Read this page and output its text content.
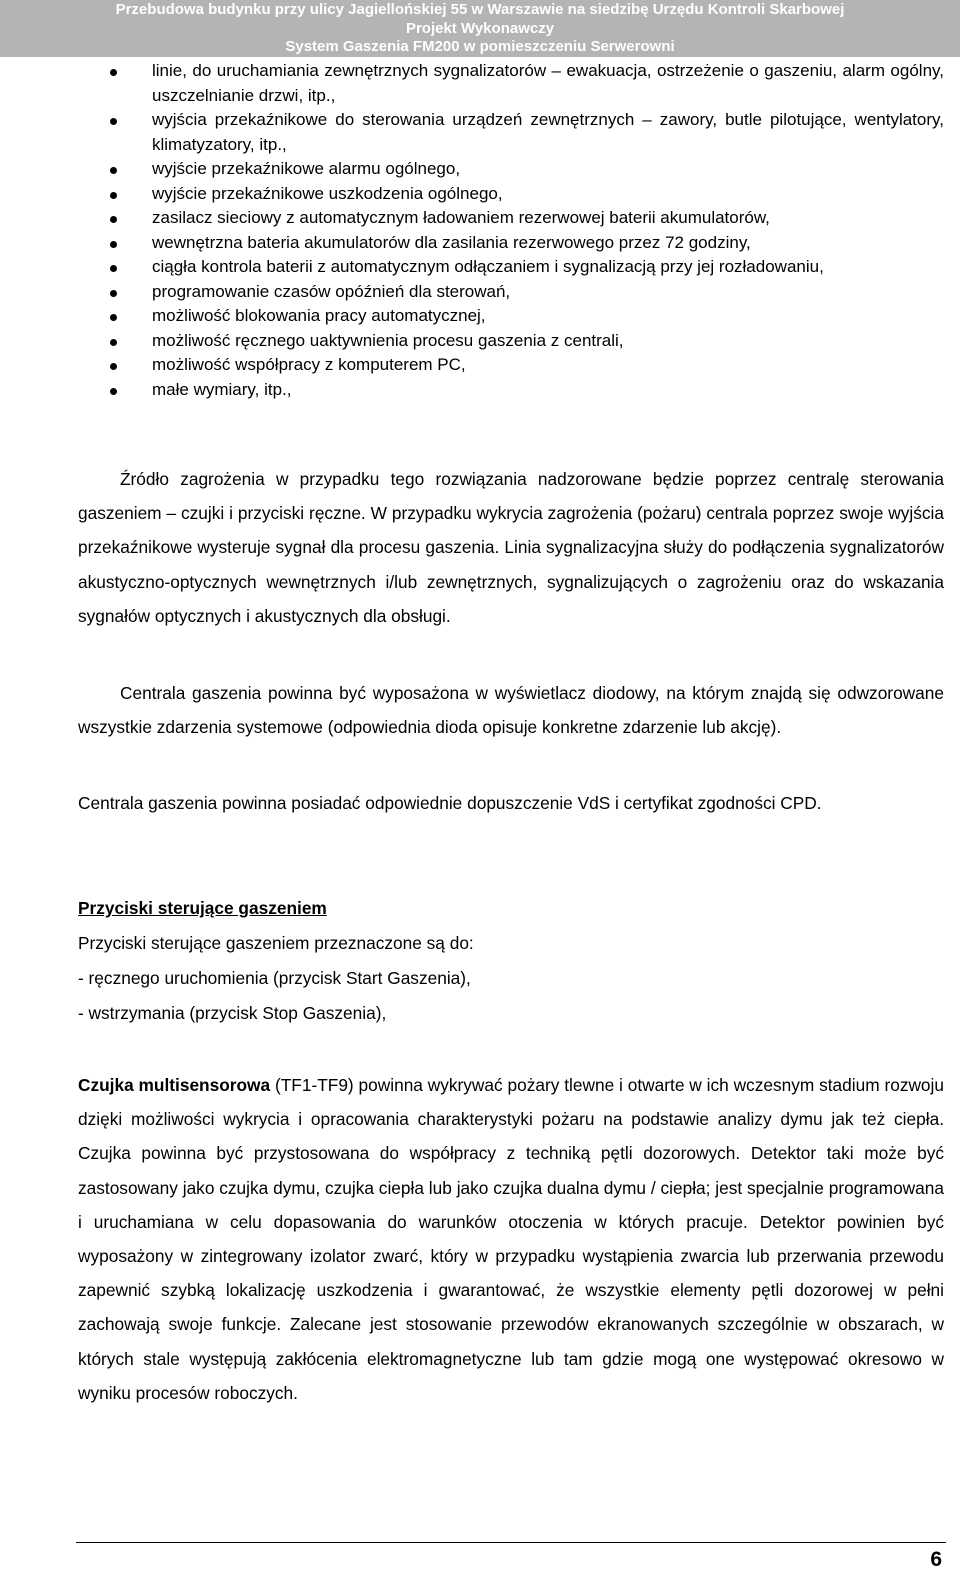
Przebudowa budynku przy ulicy Jagiellońskiej 55 w Warszawie na siedzibę Urzędu Kontroli Skarbowej
Projekt Wykonawczy
System Gaszenia FM200 w pomieszczeniu Serwerowni
linie, do uruchamiania zewnętrznych sygnalizatorów – ewakuacja, ostrzeżenie o gaszeniu, alarm ogólny, uszczelnianie drzwi, itp.,
wyjścia przekaźnikowe do sterowania urządzeń zewnętrznych – zawory, butle pilotujące, wentylatory, klimatyzatory, itp.,
wyjście przekaźnikowe alarmu ogólnego,
wyjście przekaźnikowe uszkodzenia ogólnego,
zasilacz sieciowy z automatycznym ładowaniem rezerwowej baterii akumulatorów,
wewnętrzna bateria akumulatorów dla zasilania rezerwowego przez 72 godziny,
ciągła kontrola baterii z automatycznym odłączaniem i sygnalizacją przy jej rozładowaniu,
programowanie czasów opóźnień dla sterowań,
możliwość blokowania pracy automatycznej,
możliwość ręcznego uaktywnienia procesu gaszenia z centrali,
możliwość współpracy z komputerem PC,
małe wymiary, itp.,

Źródło zagrożenia w przypadku tego rozwiązania nadzorowane będzie poprzez centralę sterowania gaszeniem – czujki i przyciski ręczne. W przypadku wykrycia zagrożenia (pożaru) centrala poprzez swoje wyjścia przekaźnikowe wysteruje sygnał dla procesu gaszenia. Linia sygnalizacyjna służy do podłączenia sygnalizatorów akustyczno-optycznych wewnętrznych i/lub zewnętrznych, sygnalizujących o zagrożeniu oraz do wskazania sygnałów optycznych i akustycznych dla obsługi.

Centrala gaszenia powinna być wyposażona w wyświetlacz diodowy, na którym znajdą się odwzorowane wszystkie zdarzenia systemowe (odpowiednia dioda opisuje konkretne zdarzenie lub akcję).

Centrala gaszenia powinna posiadać odpowiednie dopuszczenie VdS i certyfikat zgodności CPD.

Przyciski sterujące gaszeniem

Przyciski sterujące gaszeniem przeznaczone są do:

- ręcznego uruchomienia (przycisk Start Gaszenia),

- wstrzymania (przycisk Stop Gaszenia),

Czujka multisensorowa (TF1-TF9) powinna wykrywać pożary tlewne i otwarte w ich wczesnym stadium rozwoju dzięki możliwości wykrycia i opracowania charakterystyki pożaru na podstawie analizy dymu jak też ciepła. Czujka powinna być przystosowana do współpracy z techniką pętli dozorowych. Detektor taki może być zastosowany jako czujka dymu, czujka ciepła lub jako czujka dualna dymu / ciepła; jest specjalnie programowana i uruchamiana w celu dopasowania do warunków otoczenia w których pracuje. Detektor powinien być wyposażony w zintegrowany izolator zwarć, który w przypadku wystąpienia zwarcia lub przerwania przewodu zapewnić szybką lokalizację uszkodzenia i gwarantować, że wszystkie elementy pętli dozorowej w pełni zachowają swoje funkcje. Zalecane jest stosowanie przewodów ekranowanych szczególnie w obszarach, w których stale występują zakłócenia elektromagnetyczne lub tam gdzie mogą one występować okresowo w wyniku procesów roboczych.

6
